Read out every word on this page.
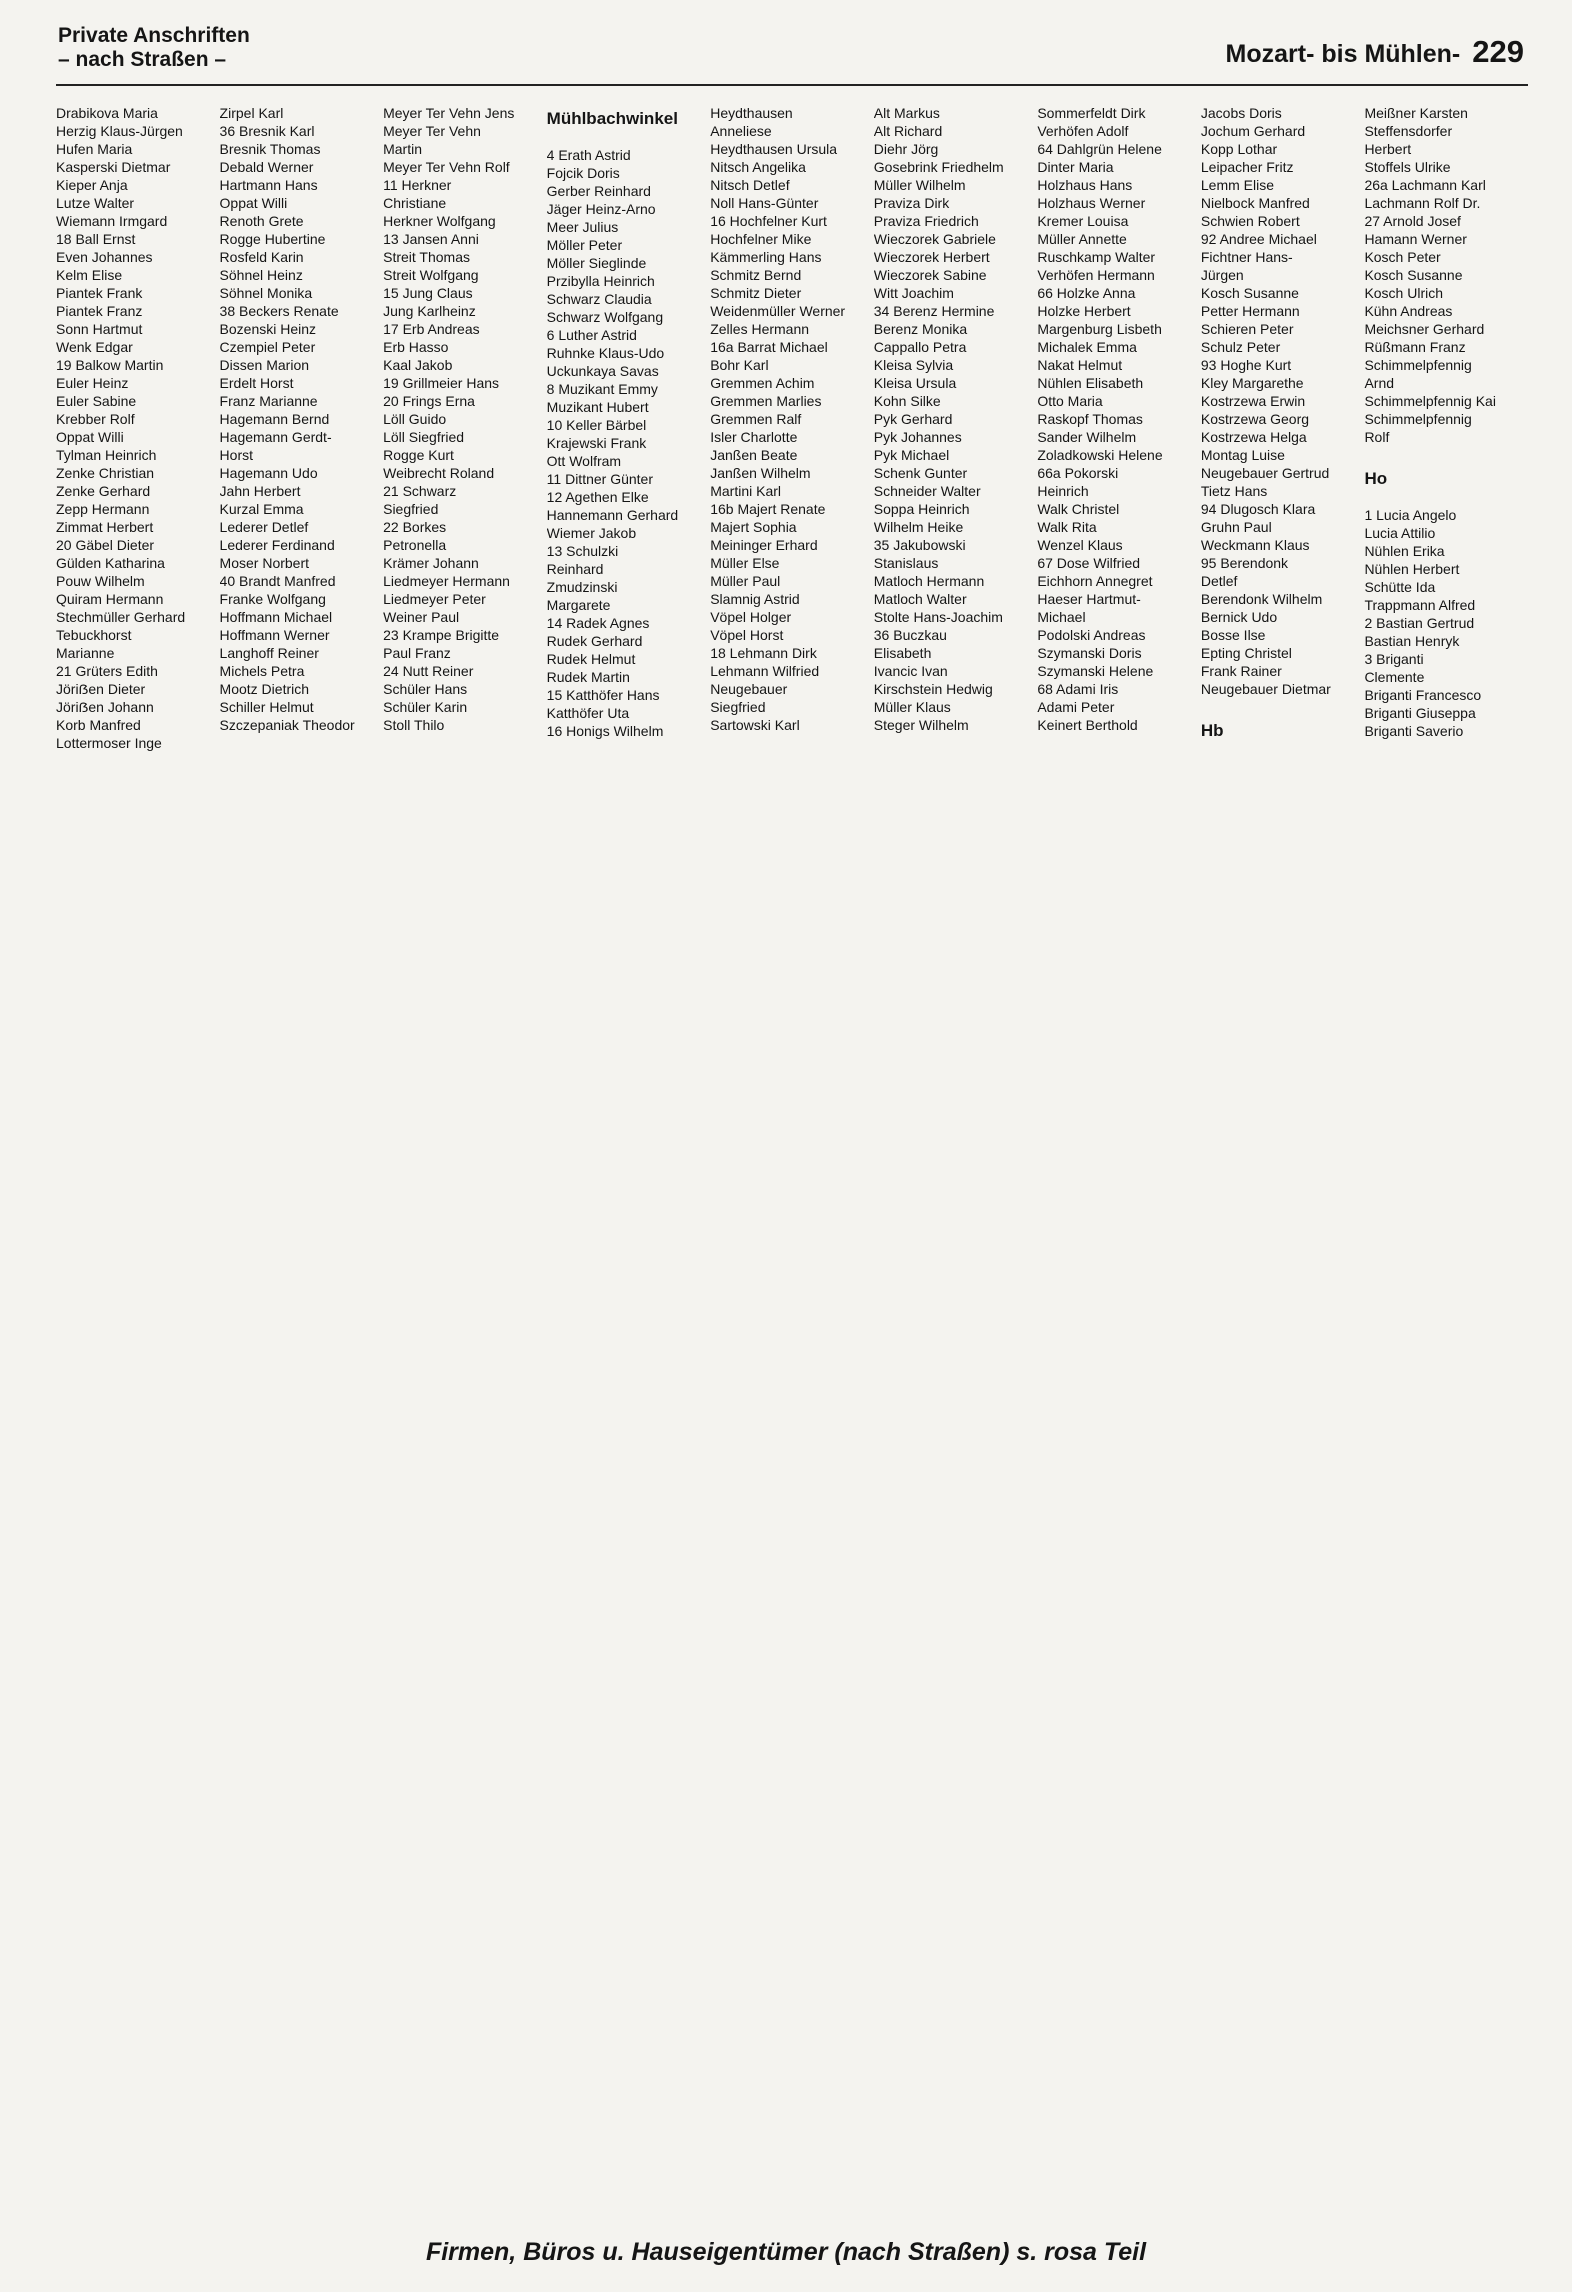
Private Anschriften
– nach Straßen –	Mozart- bis Mühlen- 229
Drabikova Maria
Herzig Klaus-Jürgen
Hufen Maria
Kasperski Dietmar
Kieper Anja
Lutze Walter
Wiemann Irmgard
18 Ball Ernst
Even Johannes
Kelm Elise
Piantek Frank
Piantek Franz
Sonn Hartmut
Wenk Edgar
19 Balkow Martin
Euler Heinz
Euler Sabine
Krebber Rolf
Oppat Willi
Tylman Heinrich
Zenke Christian
Zenke Gerhard
Zepp Hermann
Zimmat Herbert
20 Gäbel Dieter
Gülden Katharina
Pouw Wilhelm
Quiram Hermann
Stechmüller Gerhard
Tebuckhorst
Marianne
21 Grüters Edith
Jöriẞen Dieter
Jöriẞen Johann
Korb Manfred
Lottermoser Inge
Zirpel Karl
36 Bresnik Karl
Bresnik Thomas
Debald Werner
Hartmann Hans
Oppat Willi
Renoth Grete
Rogge Hubertine
Rosfeld Karin
Söhnel Heinz
Söhnel Monika
38 Beckers Renate
Bozenski Heinz
Czempiel Peter
Dissen Marion
Erdelt Horst
Franz Marianne
Hagemann Bernd
Hagemann Gerdt-
Horst
Hagemann Udo
Jahn Herbert
Kurzal Emma
Lederer Detlef
Lederer Ferdinand
Moser Norbert
40 Brandt Manfred
Franke Wolfgang
Hoffmann Michael
Hoffmann Werner
Langhoff Reiner
Michels Petra
Mootz Dietrich
Schiller Helmut
Szczepaniak Theodor
Meyer Ter Vehn Jens
Meyer Ter Vehn
Martin
Meyer Ter Vehn Rolf
11 Herkner
Christiane
Herkner Wolfgang
13 Jansen Anni
Streit Thomas
Streit Wolfgang
15 Jung Claus
Jung Karlheinz
17 Erb Andreas
Erb Hasso
Kaal Jakob
19 Grillmeier Hans
20 Frings Erna
Löll Guido
Löll Siegfried
Rogge Kurt
Weibrecht Roland
21 Schwarz
Siegfried
22 Borkes
Petronella
Krämer Johann
Liedmeyer Hermann
Liedmeyer Peter
Weiner Paul
23 Krampe Brigitte
Paul Franz
24 Nutt Reiner
Schüler Hans
Schüler Karin
Stoll Thilo
Mühlbachwinkel

4 Erath Astrid
Fojcik Doris
Gerber Reinhard
Jäger Heinz-Arno
Meer Julius
Möller Peter
Möller Sieglinde
Przibylla Heinrich
Schwarz Claudia
Schwarz Wolfgang
6 Luther Astrid
Ruhnke Klaus-Udo
Uckunkaya Savas
8 Muzikant Emmy
Muzikant Hubert
10 Keller Bärbel
Krajewski Frank
Ott Wolfram
11 Dittner Günter
12 Agethen Elke
Hannemann Gerhard
Wiemer Jakob
13 Schulzki
Reinhard
Zmudzinski
Margarete
14 Radek Agnes
Rudek Gerhard
Rudek Helmut
Rudek Martin
15 Katthöfer Hans
Katthöfer Uta
16 Honigs Wilhelm
Heydthausen
Anneliese
Heydthausen Ursula
Nitsch Angelika
Nitsch Detlef
Noll Hans-Günter
16 Hochfelner Kurt
Hochfelner Mike
Kämmerling Hans
Schmitz Bernd
Schmitz Dieter
Weidenmüller Werner
Zelles Hermann
16a Barrat Michael
Bohr Karl
Gremmen Achim
Gremmen Marlies
Gremmen Ralf
Isler Charlotte
Janßen Beate
Janßen Wilhelm
Martini Karl
16b Majert Renate
Majert Sophia
Meininger Erhard
Müller Else
Müller Paul
Slamnig Astrid
Vöpel Holger
Vöpel Horst
18 Lehmann Dirk
Lehmann Wilfried
Neugebauer
Siegfried
Sartowski Karl
Alt Markus
Alt Richard
Diehr Jörg
Gosebrink Friedhelm
Müller Wilhelm
Praviza Dirk
Praviza Friedrich
Wieczorek Gabriele
Wieczorek Herbert
Wieczorek Sabine
Witt Joachim
34 Berenz Hermine
Berenz Monika
Cappallo Petra
Kleisa Sylvia
Kleisa Ursula
Kohn Silke
Pyk Gerhard
Pyk Johannes
Pyk Michael
Schenk Gunter
Schneider Walter
Soppa Heinrich
Wilhelm Heike
35 Jakubowski
Stanislaus
Matloch Hermann
Matloch Walter
Stolte Hans-Joachim
36 Buczkau
Elisabeth
Ivancic Ivan
Kirschstein Hedwig
Müller Klaus
Steger Wilhelm
Sommerfeldt Dirk
Verhöfen Adolf
64 Dahlgrün Helene
Dinter Maria
Holzhaus Hans
Holzhaus Werner
Kremer Louisa
Müller Annette
Ruschkamp Walter
Verhöfen Hermann
66 Holzke Anna
Holzke Herbert
Margenburg Lisbeth
Michalek Emma
Nakat Helmut
Nühlen Elisabeth
Otto Maria
Raskopf Thomas
Sander Wilhelm
Zoladkowski Helene
66a Pokorski
Heinrich
Walk Christel
Walk Rita
Wenzel Klaus
67 Dose Wilfried
Eichhorn Annegret
Haeser Hartmut-
Michael
Podolski Andreas
Szymanski Doris
Szymanski Helene
68 Adami Iris
Adami Peter
Keinert Berthold
Jacobs Doris
Jochum Gerhard
Kopp Lothar
Leipacher Fritz
Lemm Elise
Nielbock Manfred
Schwien Robert
92 Andree Michael
Fichtner Hans-
Jürgen
Kosch Susanne
Petter Hermann
Schieren Peter
Schulz Peter
93 Hoghe Kurt
Kley Margarethe
Kostrzewa Erwin
Kostrzewa Georg
Kostrzewa Helga
Montag Luise
Neugebauer Gertrud
Tietz Hans
94 Dlugosch Klara
Gruhn Paul
Weckmann Klaus
95 Berendonk
Detlef
Berendonk Wilhelm
Bernick Udo
Bosse Ilse
Epting Christel
Frank Rainer
Neugebauer Dietmar

Hb
Meißner Karsten
Steffensdorfer
Herbert
Stoffels Ulrike
26a Lachmann Karl
Lachmann Rolf Dr.
27 Arnold Josef
Hamann Werner
Kosch Peter
Kosch Susanne
Kosch Ulrich
Kühn Andreas
Meichsner Gerhard
Rüßmann Franz
Schimmelpfennig
Arnd
Schimmelpfennig Kai
Schimmelpfennig
Rolf

Ho

1 Lucia Angelo
Lucia Attilio
Nühlen Erika
Nühlen Herbert
Schütte Ida
Trappmann Alfred
2 Bastian Gertrud
Bastian Henryk
3 Briganti
Clemente
Briganti Francesco
Briganti Giuseppa
Briganti Saverio
Firmen, Büros u. Hauseigentümer (nach Straßen) s. rosa Teil
